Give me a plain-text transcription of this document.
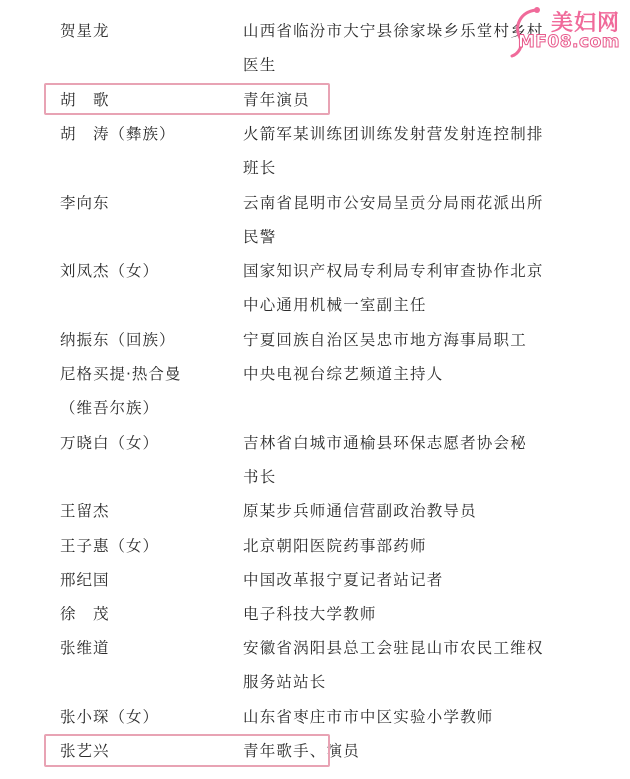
贺星龙	山西省临汾市大宁县徐家垛乡乐堂村乡村
医生
胡　歌	青年演员
胡　涛（彝族）	火箭军某训练团训练发射营发射连控制排
班长
李向东	云南省昆明市公安局呈贡分局雨花派出所
民警
刘凤杰（女）	国家知识产权局专利局专利审查协作北京
中心通用机械一室副主任
纳振东（回族）	宁夏回族自治区吴忠市地方海事局职工
尼格买提·热合曼	中央电视台综艺频道主持人
（维吾尔族）
万晓白（女）	吉林省白城市通榆县环保志愿者协会秘
书长
王留杰	原某步兵师通信营副政治教导员
王子惠（女）	北京朝阳医院药事部药师
邢纪国	中国改革报宁夏记者站记者
徐　茂	电子科技大学教师
张维道	安徽省涡阳县总工会驻昆山市农民工维权
服务站站长
张小琛（女）	山东省枣庄市市中区实验小学教师
张艺兴	青年歌手、演员
美妇网
MF08.com
